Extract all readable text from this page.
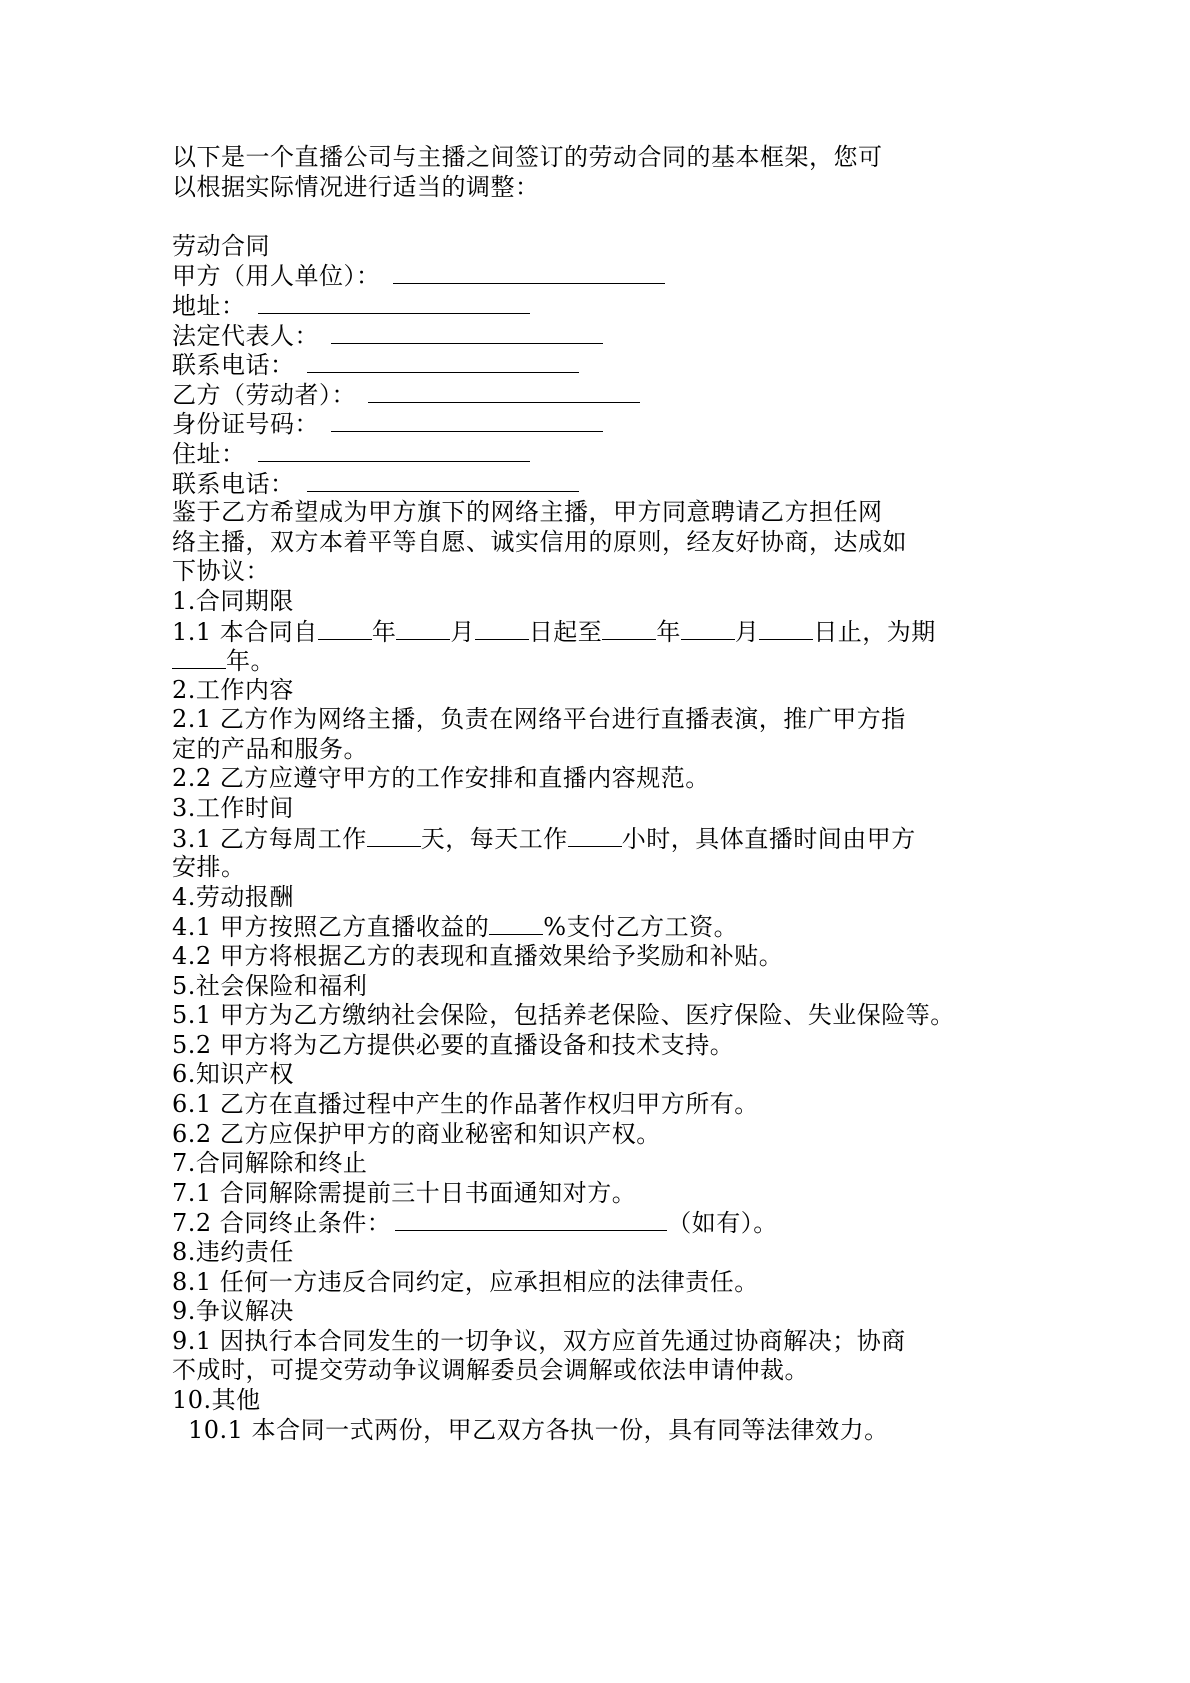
以下是一个直播公司与主播之间签订的劳动合同的基本框架，您可
以根据实际情况进行适当的调整：
劳动合同
甲方（用人单位）：
地址：
法定代表人：
联系电话：
乙方（劳动者）：
身份证号码：
住址：
联系电话：
鉴于乙方希望成为甲方旗下的网络主播，甲方同意聘请乙方担任网
络主播，双方本着平等自愿、诚实信用的原则，经友好协商，达成如
下协议：
1.合同期限
1.1 本合同自 年 月 日起至 年 月 日止，为期
年。
2.工作内容
2.1 乙方作为网络主播，负责在网络平台进行直播表演，推广甲方指
定的产品和服务。
2.2 乙方应遵守甲方的工作安排和直播内容规范。
3.工作时间
3.1 乙方每周工作 天，每天工作 小时，具体直播时间由甲方
安排。
4.劳动报酬
4.1 甲方按照乙方直播收益的 %支付乙方工资。
4.2 甲方将根据乙方的表现和直播效果给予奖励和补贴。
5.社会保险和福利
5.1 甲方为乙方缴纳社会保险，包括养老保险、医疗保险、失业保险等。
5.2 甲方将为乙方提供必要的直播设备和技术支持。
6.知识产权
6.1 乙方在直播过程中产生的作品著作权归甲方所有。
6.2 乙方应保护甲方的商业秘密和知识产权。
7.合同解除和终止
7.1 合同解除需提前三十日书面通知对方。
7.2 合同终止条件：	（如有）。
8.违约责任
8.1 任何一方违反合同约定，应承担相应的法律责任。
9.争议解决
9.1 因执行本合同发生的一切争议，双方应首先通过协商解决；协商
不成时，可提交劳动争议调解委员会调解或依法申请仲裁。
10.其他
10.1 本合同一式两份，甲乙双方各执一份，具有同等法律效力。
